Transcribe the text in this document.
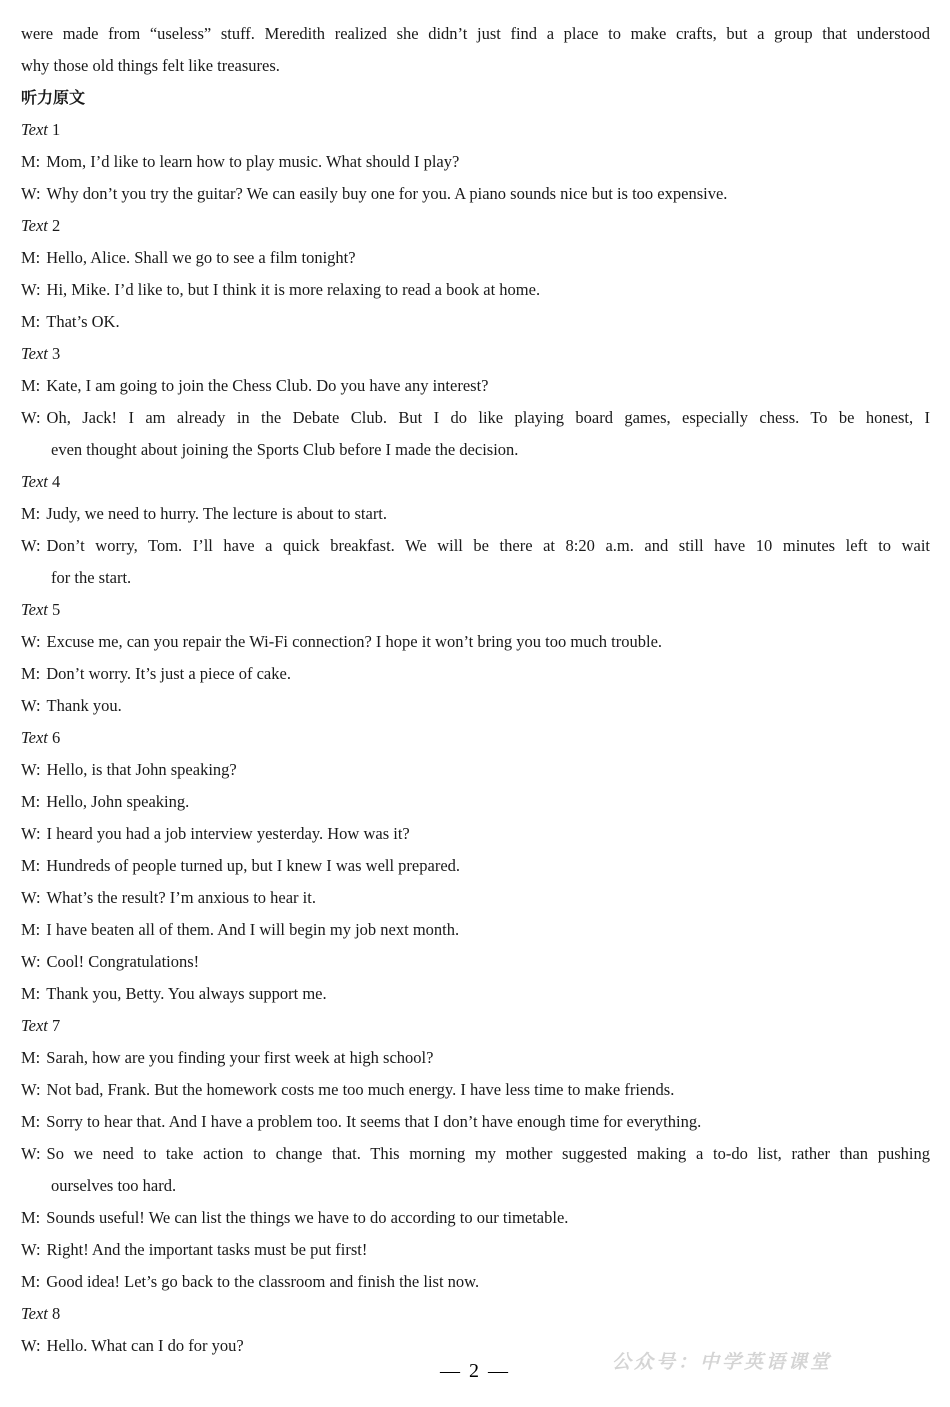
were made from “useless” stuff. Meredith realized she didn’t just find a place to make crafts, but a group that understood
why those old things felt like treasures.
听力原文
Text 1
M: Mom, I’d like to learn how to play music. What should I play?
W: Why don’t you try the guitar? We can easily buy one for you. A piano sounds nice but is too expensive.
Text 2
M: Hello, Alice. Shall we go to see a film tonight?
W: Hi, Mike. I’d like to, but I think it is more relaxing to read a book at home.
M: That’s OK.
Text 3
M: Kate, I am going to join the Chess Club. Do you have any interest?
W: Oh, Jack! I am already in the Debate Club. But I do like playing board games, especially chess. To be honest, I
even thought about joining the Sports Club before I made the decision.
Text 4
M: Judy, we need to hurry. The lecture is about to start.
W: Don’t worry, Tom. I’ll have a quick breakfast. We will be there at 8:20 a.m. and still have 10 minutes left to wait
for the start.
Text 5
W: Excuse me, can you repair the Wi-Fi connection? I hope it won’t bring you too much trouble.
M: Don’t worry. It’s just a piece of cake.
W: Thank you.
Text 6
W: Hello, is that John speaking?
M: Hello, John speaking.
W: I heard you had a job interview yesterday. How was it?
M: Hundreds of people turned up, but I knew I was well prepared.
W: What’s the result? I’m anxious to hear it.
M: I have beaten all of them. And I will begin my job next month.
W: Cool! Congratulations!
M: Thank you, Betty. You always support me.
Text 7
M: Sarah, how are you finding your first week at high school?
W: Not bad, Frank. But the homework costs me too much energy. I have less time to make friends.
M: Sorry to hear that. And I have a problem too. It seems that I don’t have enough time for everything.
W: So we need to take action to change that. This morning my mother suggested making a to-do list, rather than pushing
ourselves too hard.
M: Sounds useful! We can list the things we have to do according to our timetable.
W: Right! And the important tasks must be put first!
M: Good idea! Let’s go back to the classroom and finish the list now.
Text 8
W: Hello. What can I do for you?
— 2 —	公众号：中学英语课堂
